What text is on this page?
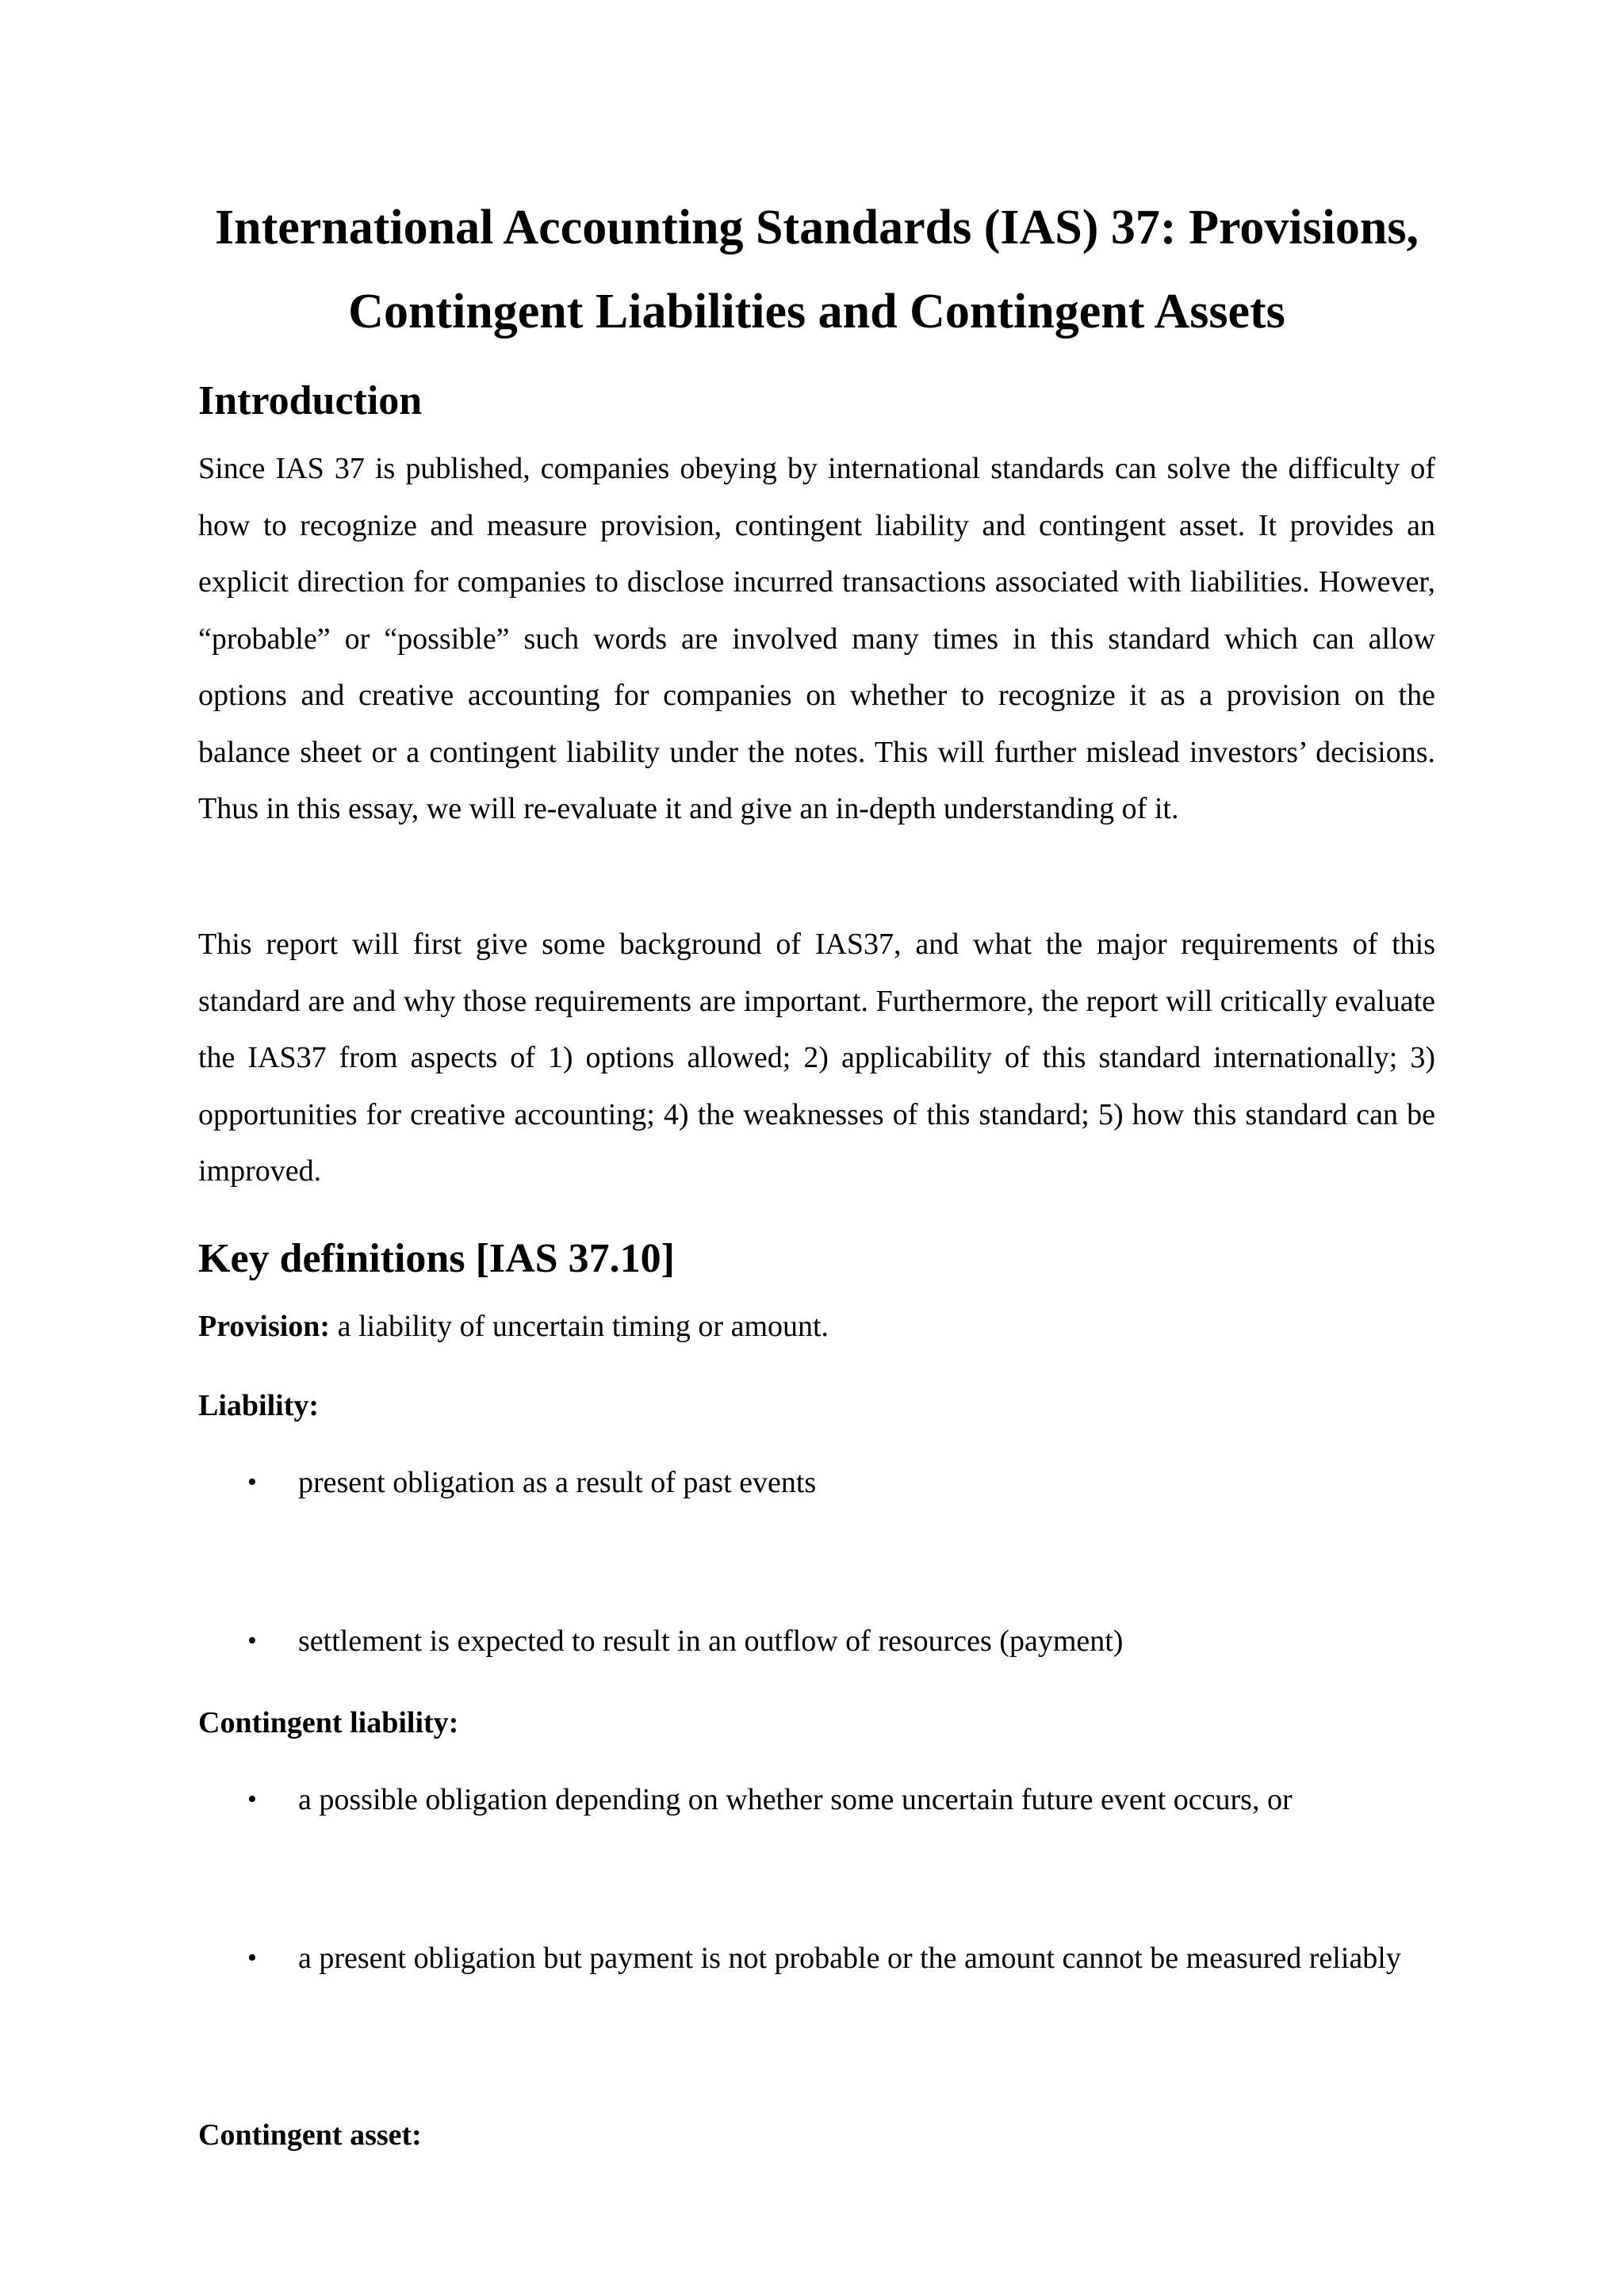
International Accounting Standards (IAS) 37: Provisions,
Contingent Liabilities and Contingent Assets
Introduction
Since IAS 37 is published, companies obeying by international standards can solve the difficulty of how to recognize and measure provision, contingent liability and contingent asset. It provides an explicit direction for companies to disclose incurred transactions associated with liabilities. However, “probable” or “possible” such words are involved many times in this standard which can allow options and creative accounting for companies on whether to recognize it as a provision on the balance sheet or a contingent liability under the notes. This will further mislead investors’ decisions. Thus in this essay, we will re-evaluate it and give an in-depth understanding of it.
This report will first give some background of IAS37, and what the major requirements of this standard are and why those requirements are important. Furthermore, the report will critically evaluate the IAS37 from aspects of 1) options allowed; 2) applicability of this standard internationally; 3) opportunities for creative accounting; 4) the weaknesses of this standard; 5) how this standard can be improved.
Key definitions [IAS 37.10]
Provision: a liability of uncertain timing or amount.
Liability:
• present obligation as a result of past events
• settlement is expected to result in an outflow of resources (payment)
Contingent liability:
• a possible obligation depending on whether some uncertain future event occurs, or
• a present obligation but payment is not probable or the amount cannot be measured reliably
Contingent asset:
